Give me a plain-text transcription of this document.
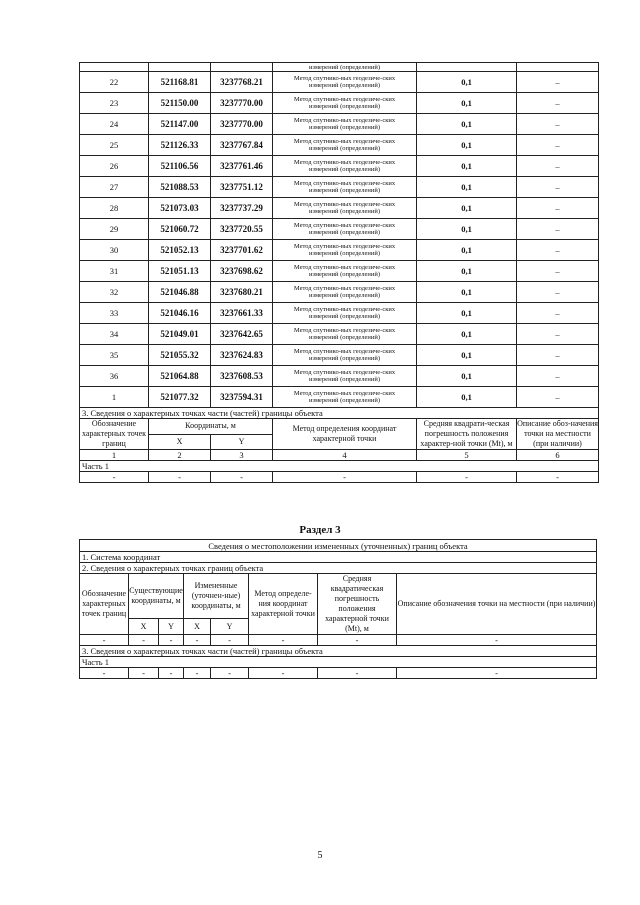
			измерений (определений)		
22	521168.81	3237768.21	Метод спутнико-вых геодезиче-ских
измерений (определений)	0,1	–
23	521150.00	3237770.00	Метод спутнико-вых геодезиче-ских
измерений (определений)	0,1	–
24	521147.00	3237770.00	Метод спутнико-вых геодезиче-ских
измерений (определений)	0,1	–
25	521126.33	3237767.84	Метод спутнико-вых геодезиче-ских
измерений (определений)	0,1	–
26	521106.56	3237761.46	Метод спутнико-вых геодезиче-ских
измерений (определений)	0,1	–
27	521088.53	3237751.12	Метод спутнико-вых геодезиче-ских
измерений (определений)	0,1	–
28	521073.03	3237737.29	Метод спутнико-вых геодезиче-ских
измерений (определений)	0,1	–
29	521060.72	3237720.55	Метод спутнико-вых геодезиче-ских
измерений (определений)	0,1	–
30	521052.13	3237701.62	Метод спутнико-вых геодезиче-ских
измерений (определений)	0,1	–
31	521051.13	3237698.62	Метод спутнико-вых геодезиче-ских
измерений (определений)	0,1	–
32	521046.88	3237680.21	Метод спутнико-вых геодезиче-ских
измерений (определений)	0,1	–
33	521046.16	3237661.33	Метод спутнико-вых геодезиче-ских
измерений (определений)	0,1	–
34	521049.01	3237642.65	Метод спутнико-вых геодезиче-ских
измерений (определений)	0,1	–
35	521055.32	3237624.83	Метод спутнико-вых геодезиче-ских
измерений (определений)	0,1	–
36	521064.88	3237608.53	Метод спутнико-вых геодезиче-ских
измерений (определений)	0,1	–
1	521077.32	3237594.31	Метод спутнико-вых геодезиче-ских
измерений (определений)	0,1	–
3. Сведения о характерных точках части (частей) границы объекта					
Обозначение характерных точек границ	Координаты, м		Метод определения координат характерной точки	Средняя квадрати-ческая погрешность положения характер-ной точки (Мt), м	Описание обоз-начения точки на местности (при наличии)
	X	Y			
1	2	3	4	5	6
Часть 1					
-	-	-	-	-	-
Раздел 3
Сведения о местоположении измененных (уточненных) границ объекта							
1. Система координат							
2. Сведения о характерных точках границ объекта							
Обозначение характерных точек границ	Существующие координаты, м		Измененные (уточнен-ные) координаты, м		Метод определе-ния координат характерной точки	Средняя квадратическая погрешность положения характерной точки (Мt), м	Описание обозначения точки на местности (при наличии)
	X	Y	X	Y			
-	-	-	-	-	-	-	-
3. Сведения о характерных точках части (частей) границы объекта							
Часть 1							
-	-	-	-	-	-	-	-
5
